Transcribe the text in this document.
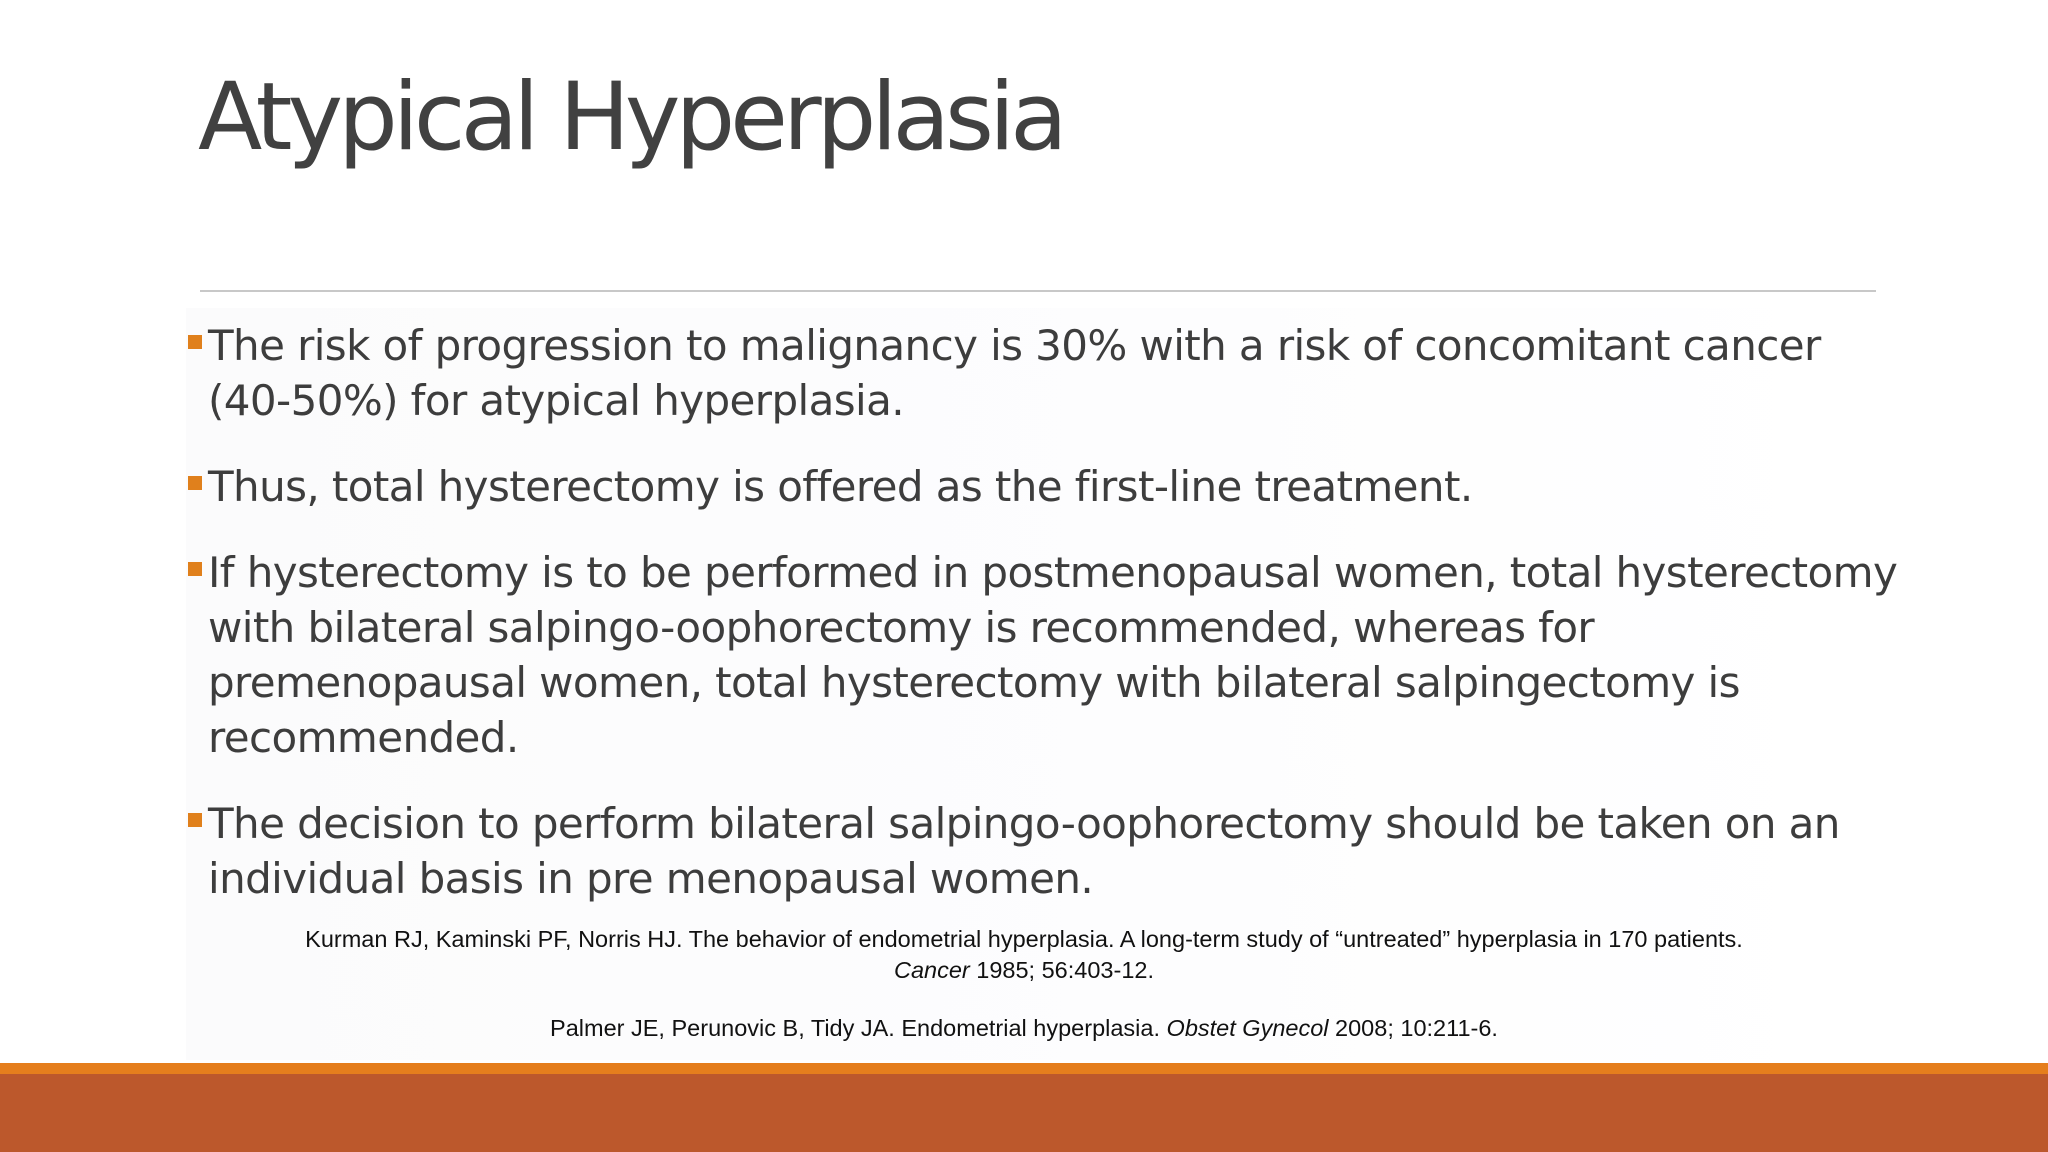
Atypical Hyperplasia
The risk of progression to malignancy is 30% with a risk of concomitant cancer (40-50%) for atypical hyperplasia.
Thus, total hysterectomy is offered as the first-line treatment.
If hysterectomy is to be performed in postmenopausal women, total hysterectomy with bilateral salpingo-oophorectomy is recommended, whereas for premenopausal women, total hysterectomy with bilateral salpingectomy is recommended.
The decision to perform bilateral salpingo-oophorectomy should be taken on an individual basis in pre menopausal women.

Kurman RJ, Kaminski PF, Norris HJ. The behavior of endometrial hyperplasia. A long-term study of “untreated” hyperplasia in 170 patients.
Cancer 1985; 56:403-12.

Palmer JE, Perunovic B, Tidy JA. Endometrial hyperplasia. Obstet Gynecol 2008; 10:211-6.
